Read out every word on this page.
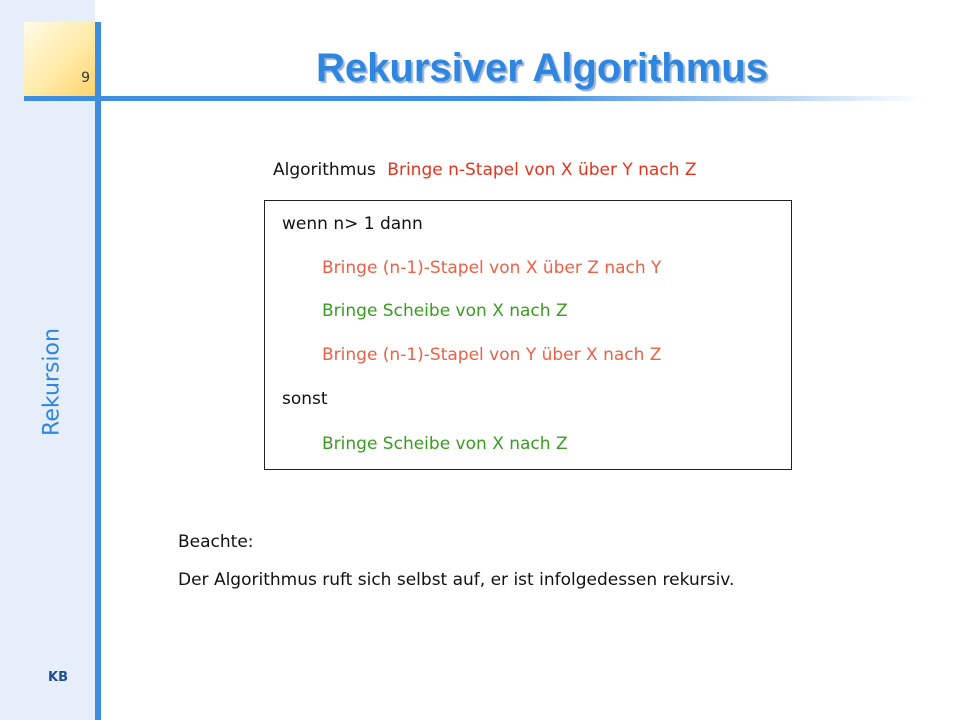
9
Rekursion
KB
Rekursiver Algorithmus
Algorithmus Bringe n-Stapel von X über Y nach Z
wenn n> 1 dann
Bringe (n-1)-Stapel von X über Z nach Y
Bringe Scheibe von X nach Z
Bringe (n-1)-Stapel von Y über X nach Z
sonst
Bringe Scheibe von X nach Z
Beachte:
Der Algorithmus ruft sich selbst auf, er ist infolgedessen rekursiv.
